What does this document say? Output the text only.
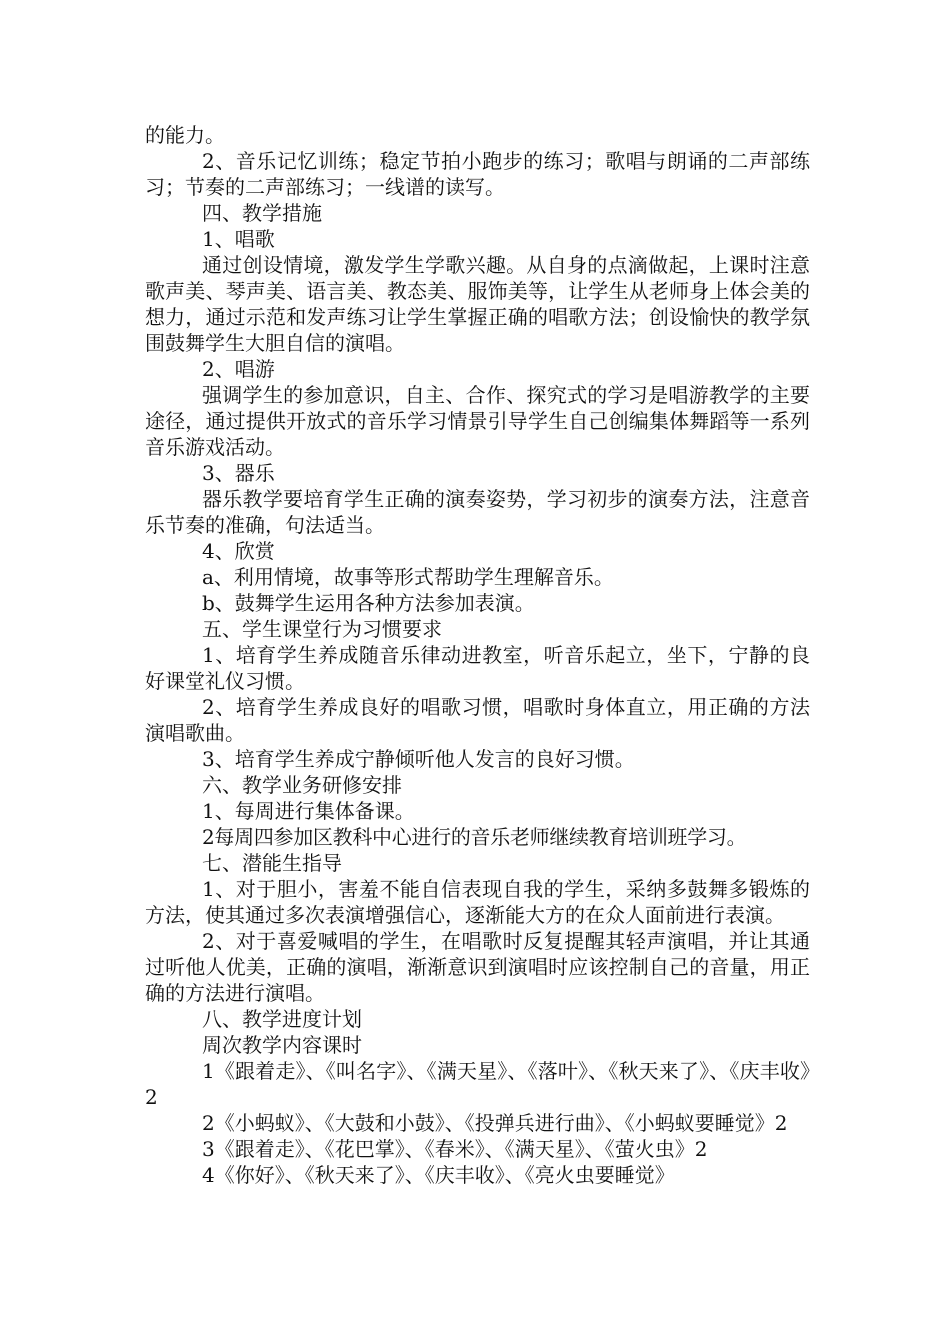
的能力。

2、音乐记忆训练；稳定节拍小跑步的练习；歌唱与朗诵的二声部练习；节奏的二声部练习；一线谱的读写。

四、教学措施

1、唱歌

通过创设情境，激发学生学歌兴趣。从自身的点滴做起，上课时注意歌声美、琴声美、语言美、教态美、服饰美等，让学生从老师身上体会美的想力，通过示范和发声练习让学生掌握正确的唱歌方法；创设愉快的教学氛围鼓舞学生大胆自信的演唱。

2、唱游

强调学生的参加意识，自主、合作、探究式的学习是唱游教学的主要途径，通过提供开放式的音乐学习情景引导学生自己创编集体舞蹈等一系列音乐游戏活动。

3、器乐

器乐教学要培育学生正确的演奏姿势，学习初步的演奏方法，注意音乐节奏的准确，句法适当。

4、欣赏

a、利用情境，故事等形式帮助学生理解音乐。

b、鼓舞学生运用各种方法参加表演。

五、学生课堂行为习惯要求

1、培育学生养成随音乐律动进教室，听音乐起立，坐下，宁静的良好课堂礼仪习惯。

2、培育学生养成良好的唱歌习惯，唱歌时身体直立，用正确的方法演唱歌曲。

3、培育学生养成宁静倾听他人发言的良好习惯。

六、教学业务研修安排

1、每周进行集体备课。

2每周四参加区教科中心进行的音乐老师继续教育培训班学习。

七、潜能生指导

1、对于胆小，害羞不能自信表现自我的学生，采纳多鼓舞多锻炼的方法，使其通过多次表演增强信心，逐渐能大方的在众人面前进行表演。

2、对于喜爱喊唱的学生，在唱歌时反复提醒其轻声演唱，并让其通过听他人优美，正确的演唱，渐渐意识到演唱时应该控制自己的音量，用正确的方法进行演唱。

八、教学进度计划

周次教学内容课时

1《跟着走》、《叫名字》、《满天星》、《落叶》、《秋天来了》、《庆丰收》2

2《小蚂蚁》、《大鼓和小鼓》、《投弹兵进行曲》、《小蚂蚁要睡觉》2

3《跟着走》、《花巴掌》、《春米》、《满天星》、《萤火虫》2

4《你好》、《秋天来了》、《庆丰收》、《亮火虫要睡觉》
